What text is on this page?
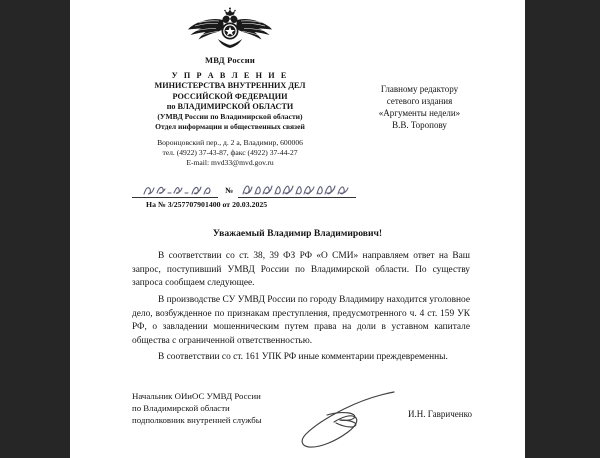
МВД России
У П Р А В Л Е Н И Е
МИНИСТЕРСТВА ВНУТРЕННИХ ДЕЛ
РОССИЙСКОЙ ФЕДЕРАЦИИ
по ВЛАДИМИРСКОЙ ОБЛАСТИ
(УМВД России по Владимирской области)
Отдел информации и общественных связей
Воронцовский пер., д. 2 а, Владимир, 600006
тел. (4922) 37-43-87, факс (4922) 37-44-27
E-mail: mvd33@mvd.gov.ru
Главному редактору
сетевого издания
«Аргументы недели»
В.В. Торопову
№
На № 3/257707901400 от 20.03.2025
Уважаемый Владимир Владимирович!

В соответствии со ст. 38, 39 ФЗ РФ «О СМИ» направляем ответ на Ваш запрос, поступивший УМВД России по Владимирской области. По существу запроса сообщаем следующее.

В производстве СУ УМВД России по городу Владимиру находится уголовное дело, возбужденное по признакам преступления, предусмотренного ч. 4 ст. 159 УК РФ, о завладении мошенническим путем права на доли в уставном капитале общества с ограниченной ответственностью.

В соответствии со ст. 161 УПК РФ иные комментарии преждевременны.

Начальник ОИиОС УМВД России
по Владимирской области
подполковник внутренней службы
И.Н. Гавриченко
